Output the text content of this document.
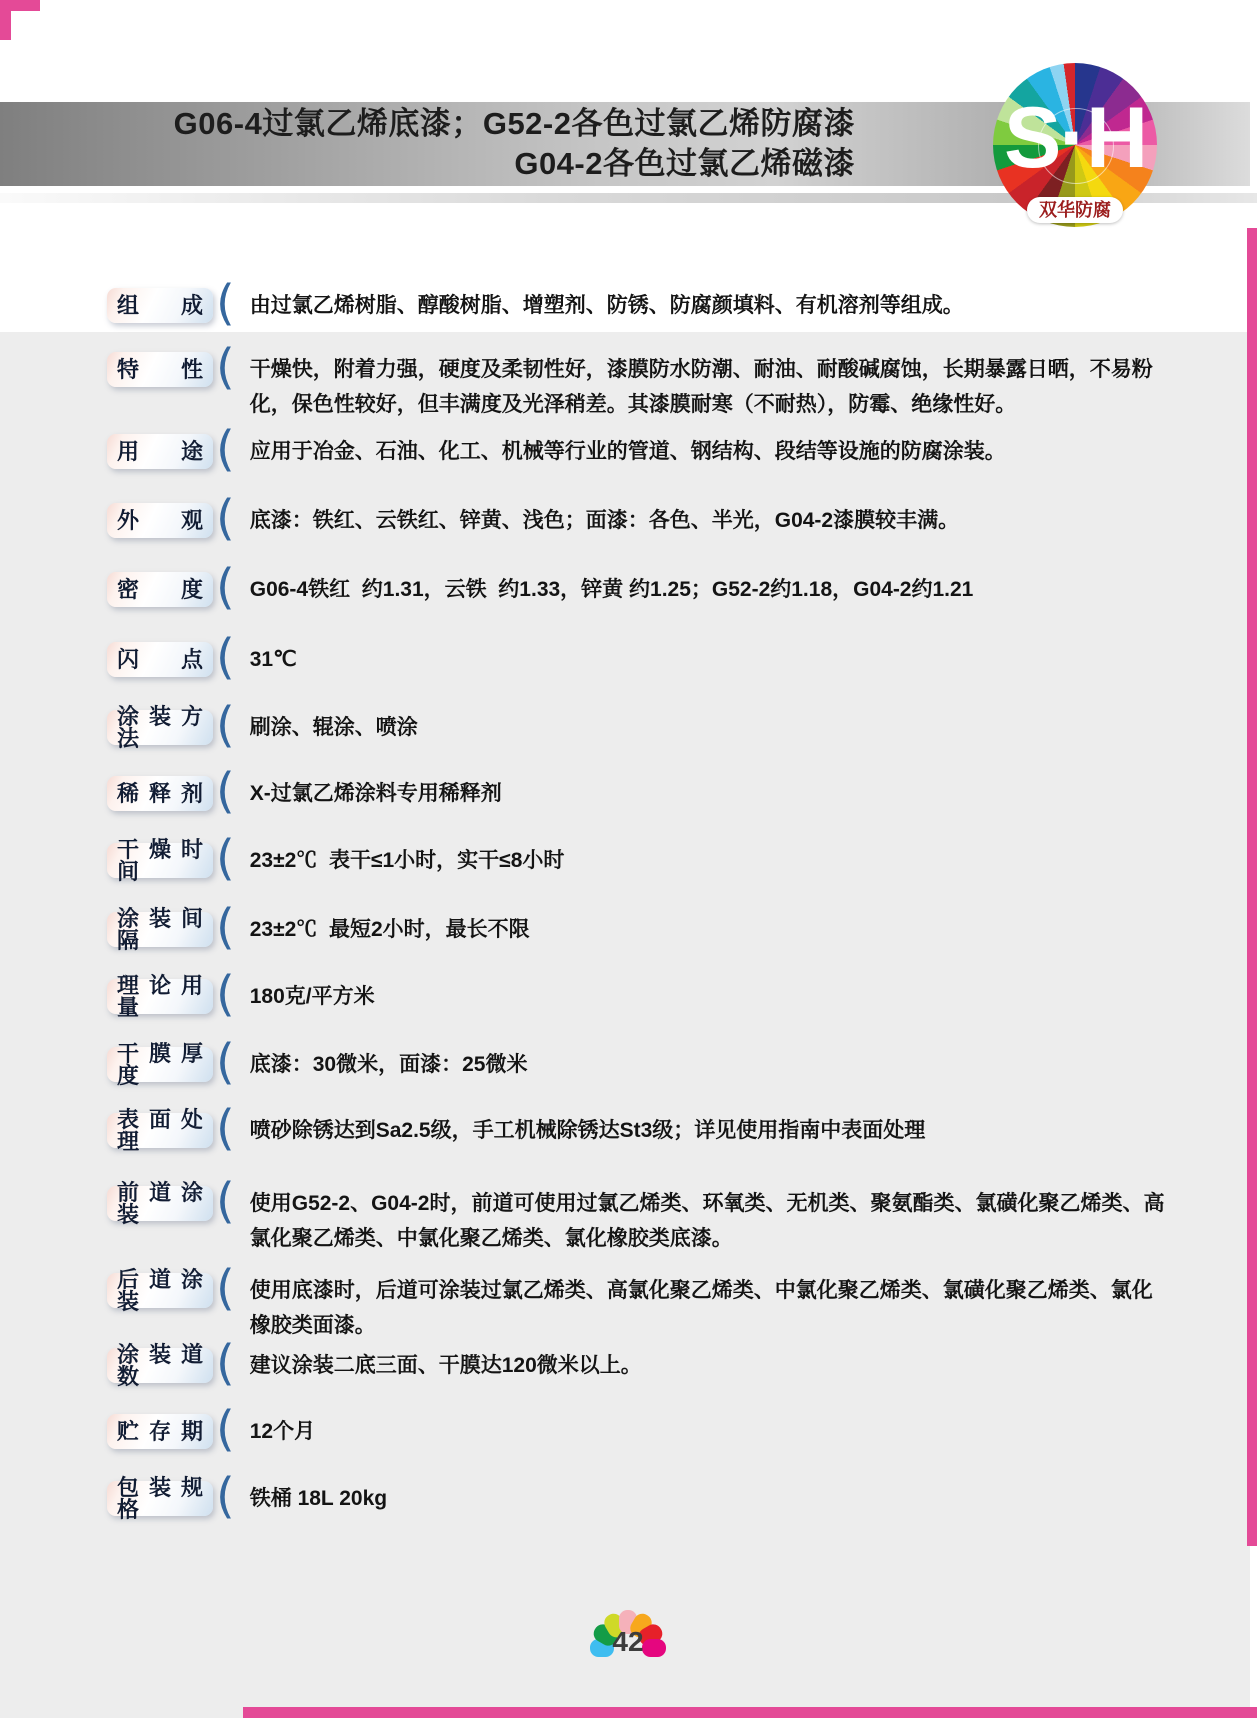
G06-4过氯乙烯底漆；G52-2各色过氯乙烯防腐漆
G04-2各色过氯乙烯磁漆 S·H
双华防腐
组成 ( 由过氯乙烯树脂、醇酸树脂、增塑剂、防锈、防腐颜填料、有机溶剂等组成。
特性 ( 干燥快，附着力强，硬度及柔韧性好，漆膜防水防潮、耐油、耐酸碱腐蚀，长期暴露日晒，不易粉化，保色性较好，但丰满度及光泽稍差。其漆膜耐寒（不耐热），防霉、绝缘性好。
用途 ( 应用于冶金、石油、化工、机械等行业的管道、钢结构、段结等设施的防腐涂装。
外观 ( 底漆：铁红、云铁红、锌黄、浅色；面漆：各色、半光，G04-2漆膜较丰满。
密度 ( G06-4铁红  约1.31，云铁  约1.33，锌黄 约1.25；G52-2约1.18，G04-2约1.21
闪点 ( 31℃
涂装方法	( 刷涂、辊涂、喷涂
稀释剂 ( X-过氯乙烯涂料专用稀释剂
干燥时间	( 23±2℃  表干≤1小时，实干≤8小时
涂装间隔	( 23±2℃  最短2小时，最长不限
理论用量	( 180克/平方米
干膜厚度	( 底漆：30微米，面漆：25微米
表面处理	( 喷砂除锈达到Sa2.5级，手工机械除锈达St3级；详见使用指南中表面处理
前道涂装	( 使用G52-2、G04-2时，前道可使用过氯乙烯类、环氧类、无机类、聚氨酯类、氯磺化聚乙烯类、高氯化聚乙烯类、中氯化聚乙烯类、氯化橡胶类底漆。
后道涂装	( 使用底漆时，后道可涂装过氯乙烯类、高氯化聚乙烯类、中氯化聚乙烯类、氯磺化聚乙烯类、氯化橡胶类面漆。
涂装道数	( 建议涂装二底三面、干膜达120微米以上。
贮存期 ( 12个月
包装规格	( 铁桶 18L 20kg
42
